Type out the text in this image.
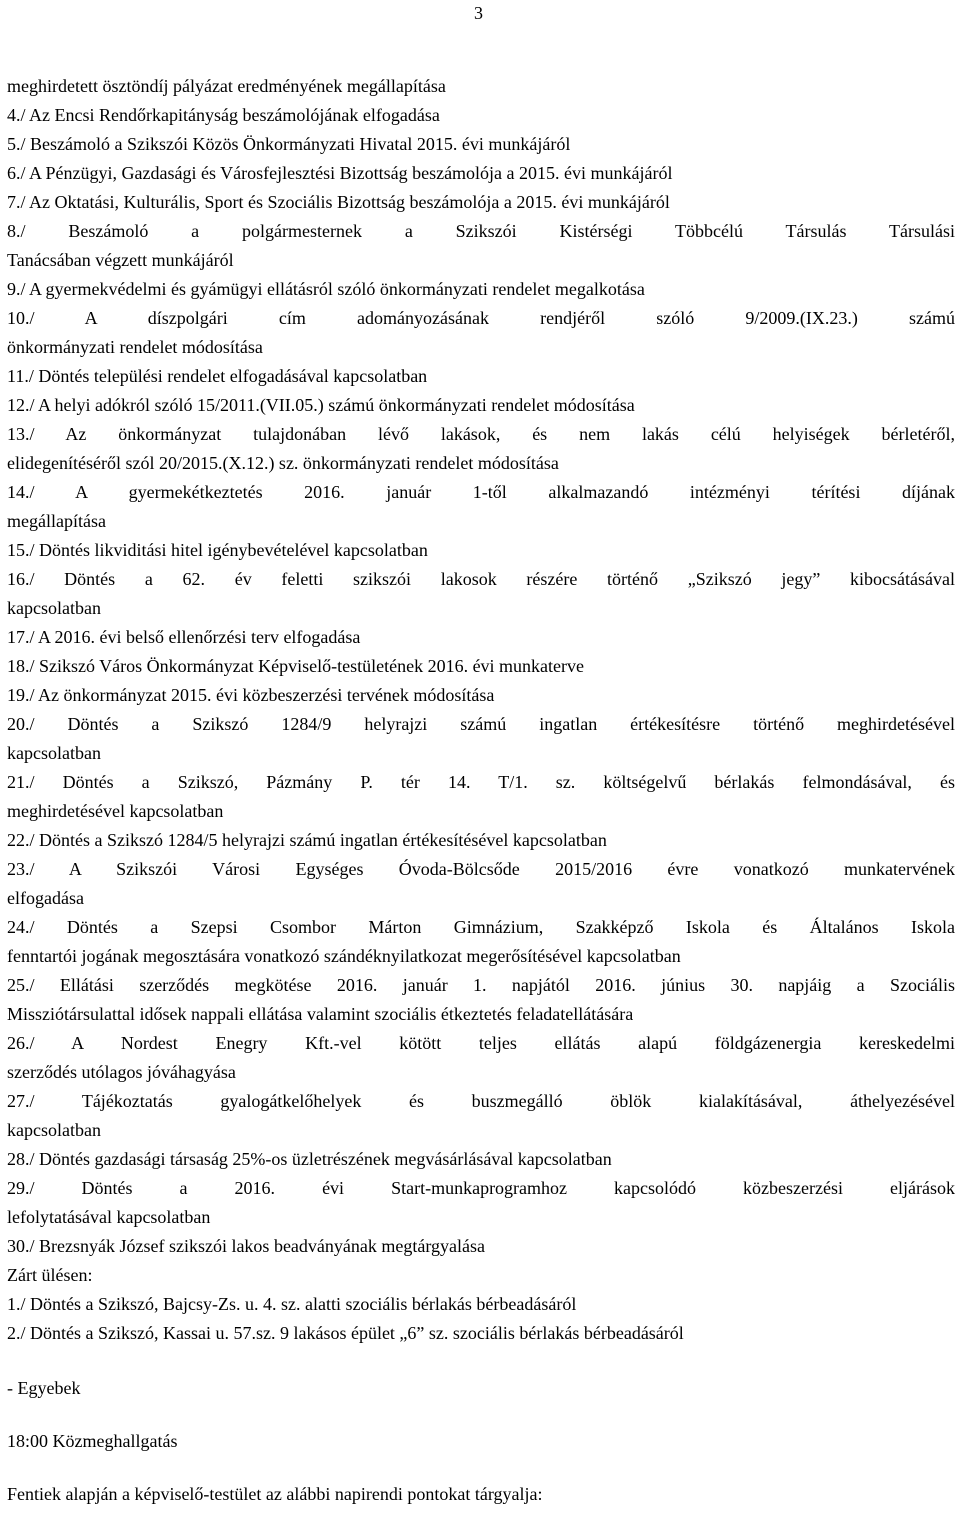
3
meghirdetett ösztöndíj pályázat eredményének megállapítása
4./ Az Encsi Rendőrkapitányság beszámolójának elfogadása
5./ Beszámoló a Szikszói Közös Önkormányzati Hivatal 2015. évi munkájáról
6./ A Pénzügyi, Gazdasági és Városfejlesztési Bizottság beszámolója a 2015. évi munkájáról
7./ Az Oktatási, Kulturális, Sport és Szociális Bizottság beszámolója a 2015. évi munkájáról
8./ Beszámoló a polgármesternek a Szikszói Kistérségi Többcélú Társulás Társulási
Tanácsában végzett munkájáról
9./ A gyermekvédelmi és gyámügyi ellátásról szóló önkormányzati rendelet megalkotása
10./ A díszpolgári cím adományozásának rendjéről szóló 9/2009.(IX.23.) számú
önkormányzati rendelet módosítása
11./ Döntés települési rendelet elfogadásával kapcsolatban
12./ A helyi adókról szóló 15/2011.(VII.05.) számú önkormányzati rendelet módosítása
13./ Az önkormányzat tulajdonában lévő lakások, és nem lakás célú helyiségek bérletéről,
elidegenítéséről szól 20/2015.(X.12.) sz. önkormányzati rendelet módosítása
14./ A gyermekétkeztetés 2016. január 1-től alkalmazandó intézményi térítési díjának
megállapítása
15./ Döntés likviditási hitel igénybevételével kapcsolatban
16./ Döntés a 62. év feletti szikszói lakosok részére történő „Szikszó jegy” kibocsátásával
kapcsolatban
17./ A 2016. évi belső ellenőrzési terv elfogadása
18./ Szikszó Város Önkormányzat Képviselő-testületének 2016. évi munkaterve
19./ Az önkormányzat 2015. évi közbeszerzési tervének módosítása
20./ Döntés a Szikszó 1284/9 helyrajzi számú ingatlan értékesítésre történő meghirdetésével
kapcsolatban
21./ Döntés a Szikszó, Pázmány P. tér 14. T/1. sz. költségelvű bérlakás felmondásával, és
meghirdetésével kapcsolatban
22./ Döntés a Szikszó 1284/5 helyrajzi számú ingatlan értékesítésével kapcsolatban
23./ A Szikszói Városi Egységes Óvoda-Bölcsőde 2015/2016 évre vonatkozó munkatervének
elfogadása
24./ Döntés a Szepsi Csombor Márton Gimnázium, Szakképző Iskola és Általános Iskola
fenntartói jogának megosztására vonatkozó szándéknyilatkozat megerősítésével kapcsolatban
25./ Ellátási szerződés megkötése 2016. január 1. napjától 2016. június 30. napjáig a Szociális
Missziótársulattal idősek nappali ellátása valamint szociális étkeztetés feladatellátására
26./ A Nordest Enegry Kft.-vel kötött teljes ellátás alapú földgázenergia kereskedelmi
szerződés utólagos jóváhagyása
27./ Tájékoztatás gyalogátkelőhelyek és buszmegálló öblök kialakításával, áthelyezésével
kapcsolatban
28./ Döntés gazdasági társaság 25%-os üzletrészének megvásárlásával kapcsolatban
29./ Döntés a 2016. évi Start-munkaprogramhoz kapcsolódó közbeszerzési eljárások
lefolytatásával kapcsolatban
30./ Brezsnyák József szikszói lakos beadványának megtárgyalása
Zárt ülésen:
1./ Döntés a Szikszó, Bajcsy-Zs. u. 4. sz. alatti szociális bérlakás bérbeadásáról
2./ Döntés a Szikszó, Kassai u. 57.sz. 9 lakásos épület „6” sz. szociális bérlakás bérbeadásáról
- Egyebek
18:00 Közmeghallgatás
Fentiek alapján a képviselő-testület az alábbi napirendi pontokat tárgyalja:
